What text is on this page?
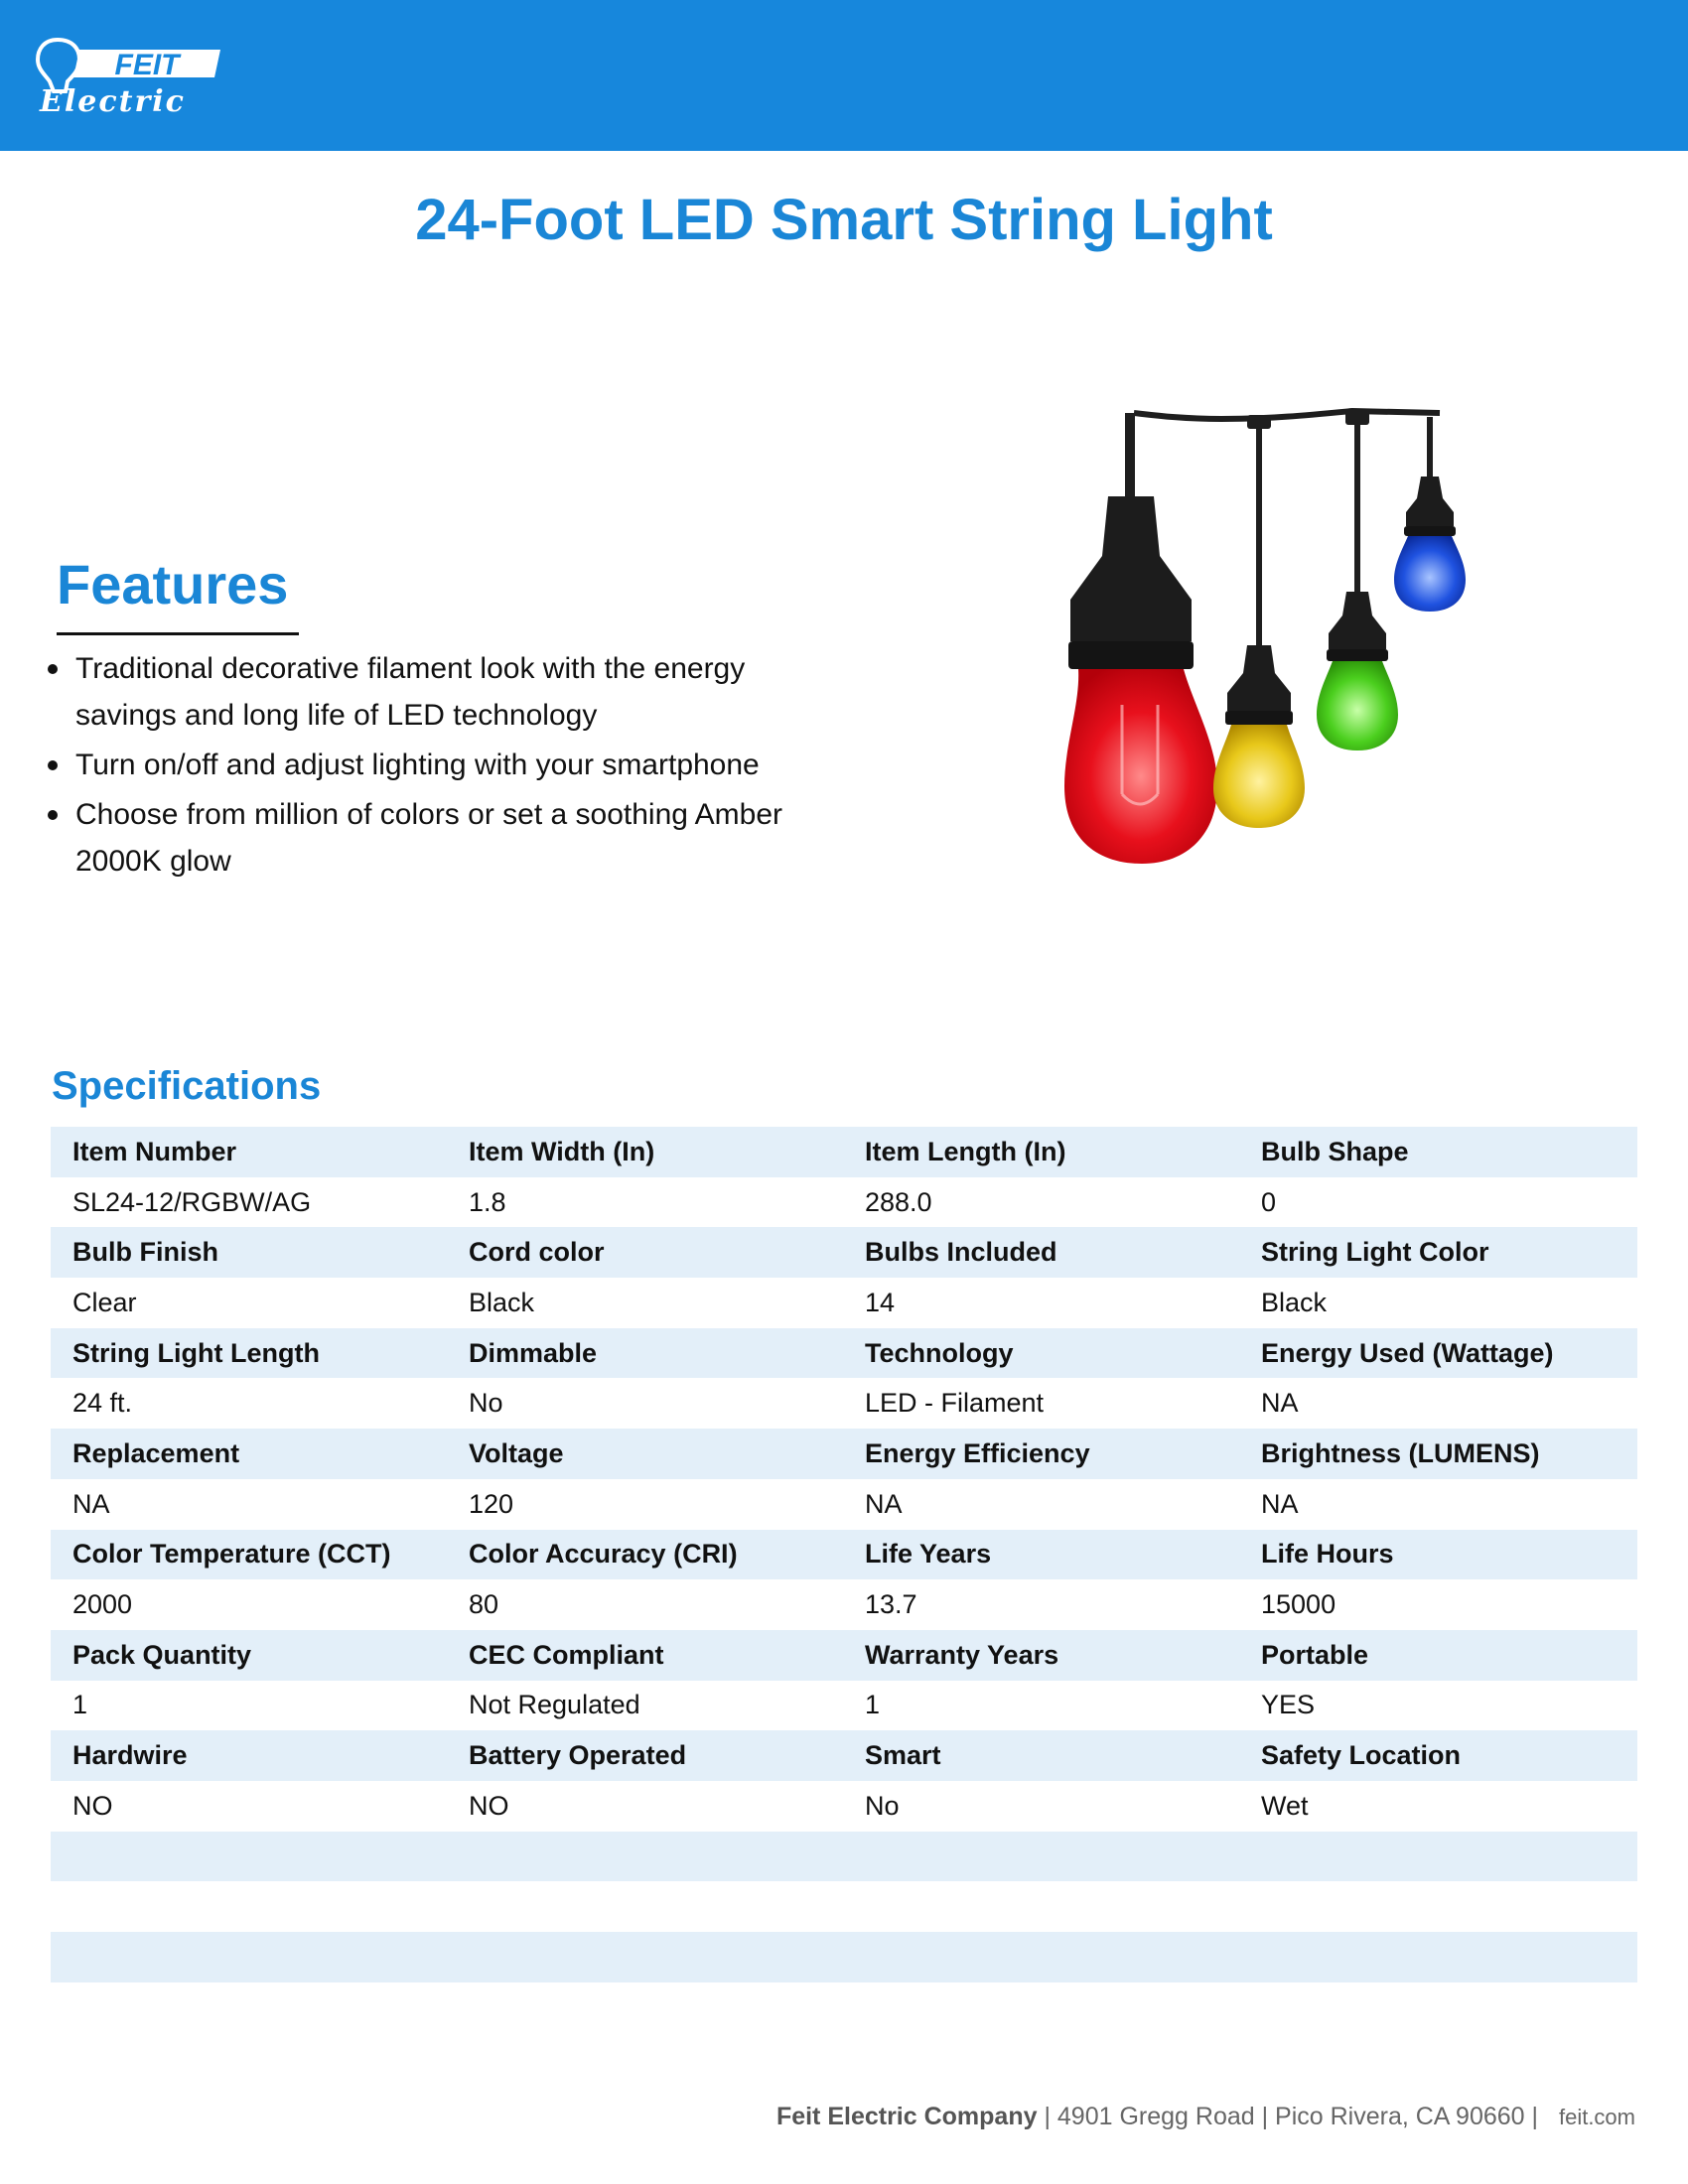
FEIT
Electric
24-Foot LED Smart String Light
Features
Traditional decorative filament look with the energy savings and long life of LED technology
Turn on/off and adjust lighting with your smartphone
Choose from million of colors or set a soothing Amber 2000K glow
Specifications
Item Number	Item Width (In)	Item Length (In)	Bulb Shape
SL24-12/RGBW/AG	1.8	288.0	0
Bulb Finish	Cord color	Bulbs Included	String Light Color
Clear	Black	14	Black
String Light Length	Dimmable	Technology	Energy Used (Wattage)
24 ft.	No	LED - Filament	NA
Replacement	Voltage	Energy Efficiency	Brightness (LUMENS)
NA	120	NA	NA
Color Temperature (CCT)	Color Accuracy (CRI)	Life Years	Life Hours
2000	80	13.7	15000
Pack Quantity	CEC Compliant	Warranty Years	Portable
1	Not Regulated	1	YES
Hardwire	Battery Operated	Smart	Safety Location
NO	NO	No	Wet

Feit Electric Company | 4901 Gregg Road | Pico Rivera, CA 90660 | feit.com
